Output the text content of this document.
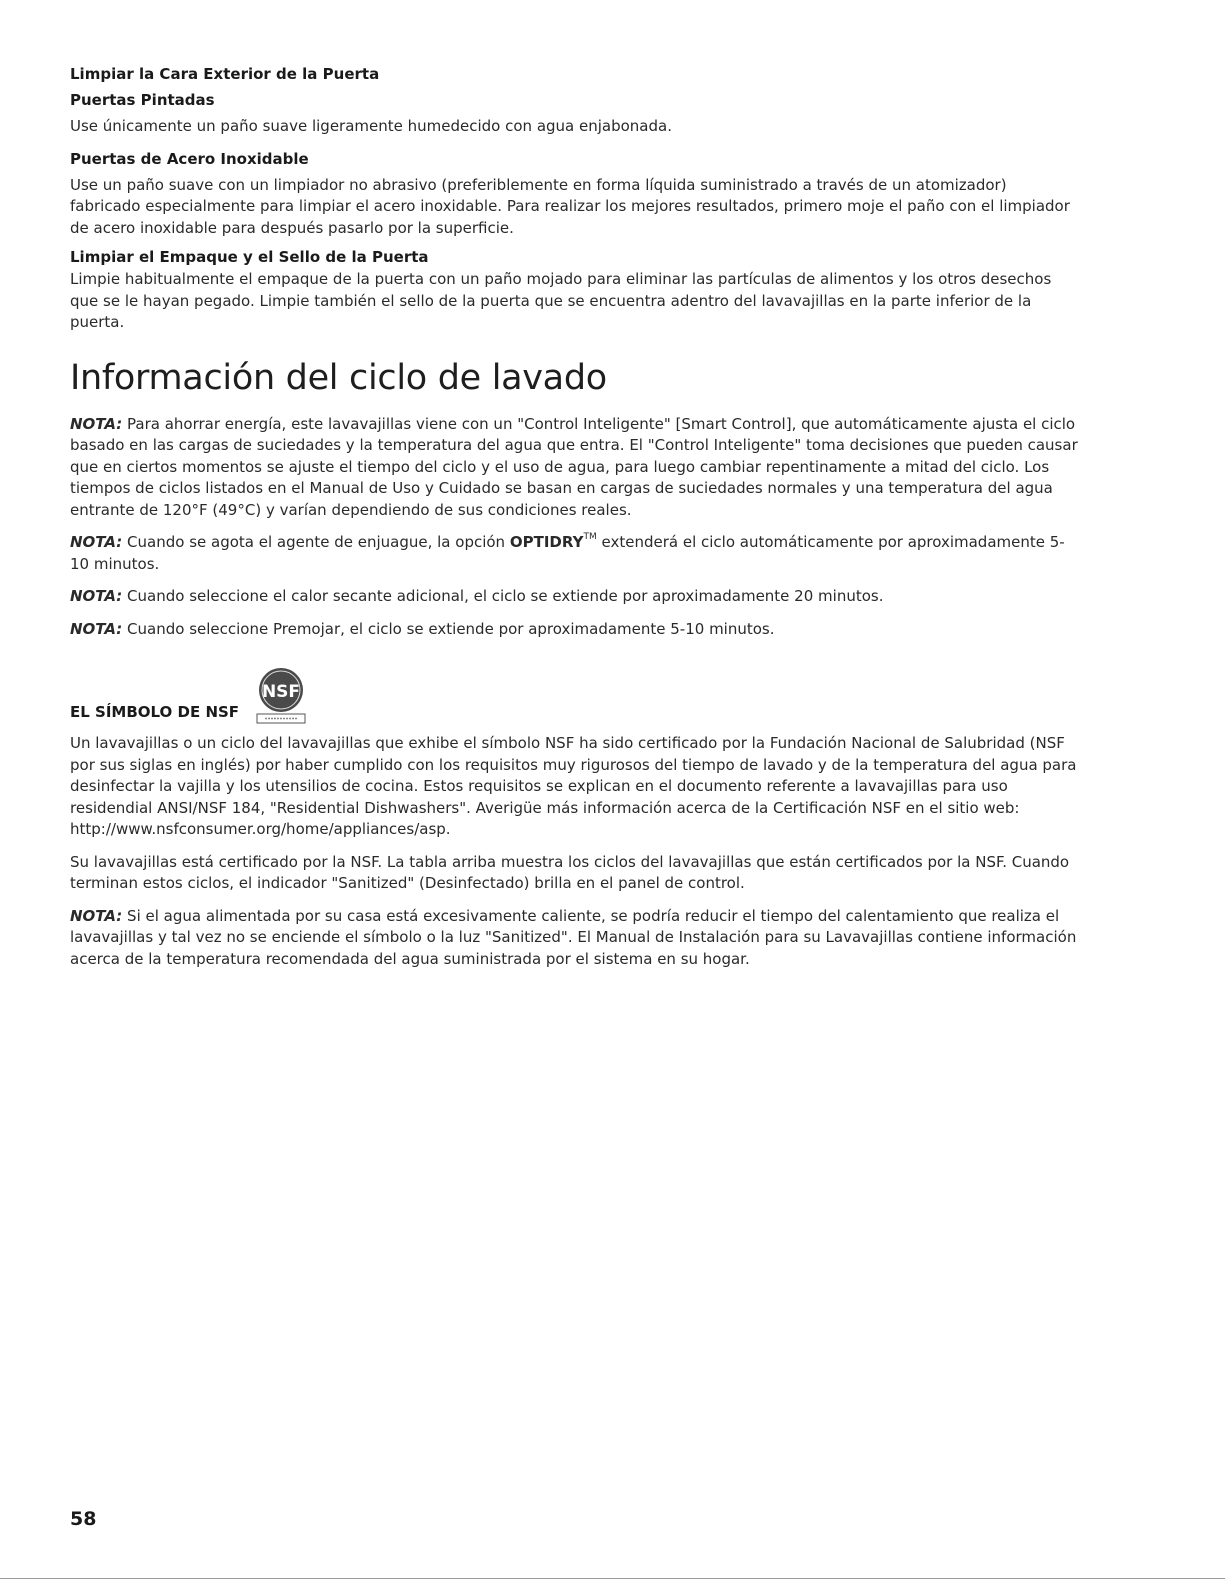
Limpiar la Cara Exterior de la Puerta
Puertas Pintadas

Use únicamente un paño suave ligeramente humedecido con agua enjabonada.

Puertas de Acero Inoxidable

Use un paño suave con un limpiador no abrasivo (preferiblemente en forma líquida suministrado a través de un atomizador) fabricado especialmente para limpiar el acero inoxidable. Para realizar los mejores resultados, primero moje el paño con el limpiador de acero inoxidable para después pasarlo por la superficie.

Limpiar el Empaque y el Sello de la Puerta

Limpie habitualmente el empaque de la puerta con un paño mojado para eliminar las partículas de alimentos y los otros desechos que se le hayan pegado. Limpie también el sello de la puerta que se encuentra adentro del lavavajillas en la parte inferior de la puerta.

Información del ciclo de lavado

NOTA: Para ahorrar energía, este lavavajillas viene con un "Control Inteligente" [Smart Control], que automáticamente ajusta el ciclo basado en las cargas de suciedades y la temperatura del agua que entra. El "Control Inteligente" toma decisiones que pueden causar que en ciertos momentos se ajuste el tiempo del ciclo y el uso de agua, para luego cambiar repentinamente a mitad del ciclo. Los tiempos de ciclos listados en el Manual de Uso y Cuidado se basan en cargas de suciedades normales y una temperatura del agua entrante de 120°F (49°C) y varían dependiendo de sus condiciones reales.

NOTA: Cuando se agota el agente de enjuague, la opción OPTIDRY™ extenderá el ciclo automáticamente por aproximadamente 5-10 minutos.

NOTA: Cuando seleccione el calor secante adicional, el ciclo se extiende por aproximadamente 20 minutos.

NOTA: Cuando seleccione Premojar, el ciclo se extiende por aproximadamente 5-10 minutos.

EL SÍMBOLO DE NSF
NSF

Un lavavajillas o un ciclo del lavavajillas que exhibe el símbolo NSF ha sido certificado por la Fundación Nacional de Salubridad (NSF por sus siglas en inglés) por haber cumplido con los requisitos muy rigurosos del tiempo de lavado y de la temperatura del agua para desinfectar la vajilla y los utensilios de cocina. Estos requisitos se explican en el documento referente a lavavajillas para uso residendial ANSI/NSF 184, "Residential Dishwashers". Averigüe más información acerca de la Certificación NSF en el sitio web: http://www.nsfconsumer.org/home/appliances/asp.

Su lavavajillas está certificado por la NSF. La tabla arriba muestra los ciclos del lavavajillas que están certificados por la NSF. Cuando terminan estos ciclos, el indicador "Sanitized" (Desinfectado) brilla en el panel de control.

NOTA: Si el agua alimentada por su casa está excesivamente caliente, se podría reducir el tiempo del calentamiento que realiza el lavavajillas y tal vez no se enciende el símbolo o la luz "Sanitized". El Manual de Instalación para su Lavavajillas contiene información acerca de la temperatura recomendada del agua suministrada por el sistema en su hogar.

58
